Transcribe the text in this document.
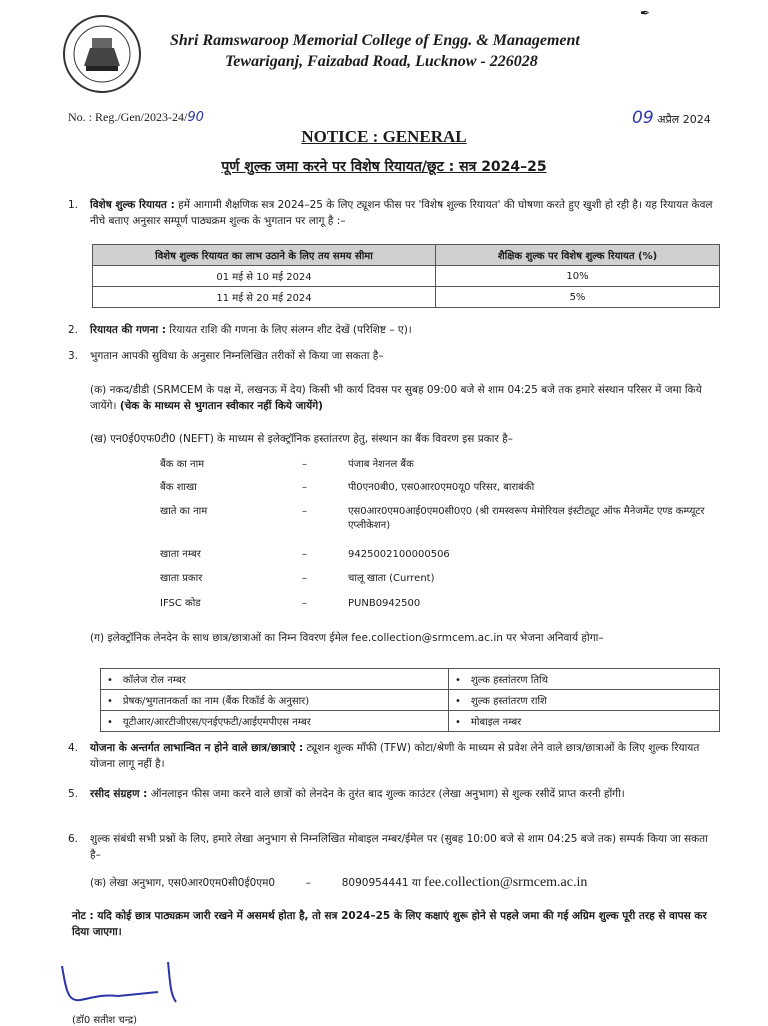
✒
Shri Ramswaroop Memorial College of Engg. & Management
Tewariganj, Faizabad Road, Lucknow - 226028
No. : Reg./Gen/2023-24/90	09 अप्रैल 2024
NOTICE : GENERAL
पूर्ण शुल्क जमा करने पर विशेष रियायत/छूट : सत्र 2024–25
1. विशेष शुल्क रियायत : हमें आगामी शैक्षणिक सत्र 2024–25 के लिए ट्यूशन फीस पर 'विशेष शुल्क रियायत' की घोषणा करते हुए खुशी हो रही है। यह रियायत केवल नीचे बताए अनुसार सम्पूर्ण पाठ्यक्रम शुल्क के भुगतान पर लागू है :–
विशेष शुल्क रियायत का लाभ उठाने के लिए तय समय सीमा	शैक्षिक शुल्क पर विशेष शुल्क रियायत (%)
01 मई से 10 मई 2024	10%
11 मई से 20 मई 2024	5%
2. रियायत की गणना : रियायत राशि की गणना के लिए संलग्न शीट देखें (परिशिष्ट – ए)।
3. भुगतान आपकी सुविधा के अनुसार निम्नलिखित तरीकों से किया जा सकता है–
(क) नकद/डीडी (SRMCEM के पक्ष में, लखनऊ में देय) किसी भी कार्य दिवस पर सुबह 09:00 बजे से शाम 04:25 बजे तक हमारे संस्थान परिसर में जमा किये जायेंगे। (चेक के माध्यम से भुगतान स्वीकार नहीं किये जायेंगे)
(ख) एन0ई0एफ0टी0 (NEFT) के माध्यम से इलेक्ट्रॉनिक हस्तांतरण हेतु, संस्थान का बैंक विवरण इस प्रकार है–
बैंक का नाम	–	पंजाब नेशनल बैंक
बैंक शाखा	–	पी0एन0बी0, एस0आर0एम0यू0 परिसर, बाराबंकी
खाते का नाम	–	एस0आर0एम0आई0एम0सी0ए0 (श्री रामस्वरूप मेमोरियल इंस्टीट्यूट ऑफ मैनेजमेंट एण्ड कम्प्यूटर एप्लीकेशन)
खाता नम्बर	–	9425002100000506
खाता प्रकार	–	चालू खाता (Current)
IFSC कोड	–	PUNB0942500
(ग) इलेक्ट्रॉनिक लेनदेन के साथ छात्र/छात्राओं का निम्न विवरण ईमेल fee.collection@srmcem.ac.in पर भेजना अनिवार्य होगा–
• कॉलेज रोल नम्बर	• शुल्क हस्तांतरण तिथि
• प्रेषक/भुगतानकर्ता का नाम (बैंक रिकॉर्ड के अनुसार)	• शुल्क हस्तांतरण राशि
• यूटीआर/आरटीजीएस/एनईएफटी/आईएमपीएस नम्बर	• मोबाइल नम्बर
4. योजना के अन्तर्गत लाभान्वित न होने वाले छात्र/छात्राऐ : ट्यूशन शुल्क माँफी (TFW) कोटा/श्रेणी के माध्यम से प्रवेश लेने वाले छात्र/छात्राओं के लिए शुल्क रियायत योजना लागू नहीं है।
5. रसीद संग्रहण : ऑनलाइन फीस जमा करने वाले छात्रों को लेनदेन के तुरंत बाद शुल्क काउंटर (लेखा अनुभाग) से शुल्क रसीदें प्राप्त करनी होंगी।
6. शुल्क संबंधी सभी प्रश्नों के लिए, हमारे लेखा अनुभाग से निम्नलिखित मोबाइल नम्बर/ईमेल पर (सुबह 10:00 बजे से शाम 04:25 बजे तक) सम्पर्क किया जा सकता है–
(क) लेखा अनुभाग, एस0आर0एम0सी0ई0एम0	–	8090954441 या fee.collection@srmcem.ac.in
नोट : यदि कोई छात्र पाठ्यक्रम जारी रखने में असमर्थ होता है, तो सत्र 2024–25 के लिए कक्षाएं शुरू होने से पहले जमा की गई अग्रिम शुल्क पूरी तरह से वापस कर दिया जाएगा।
(डॉ0 सतीश चन्द्र)
